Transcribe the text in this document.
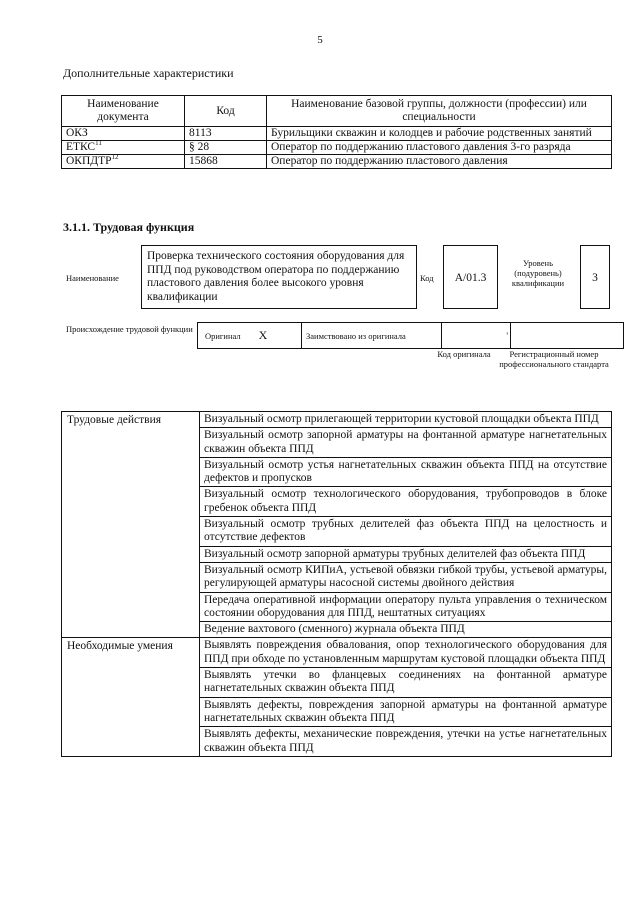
5
Дополнительные характеристики
Наименование документа	Код	Наименование базовой группы, должности (профессии) или специальности
ОКЗ	8113	Бурильщики скважин и колодцев и рабочие родственных занятий
ЕТКС$^{11}$	§ 28	Оператор по поддержанию пластового давления 3-го разряда
ОКПДТР$^{12}$	15868	Оператор по поддержанию пластового давления
3.1.1. Трудовая функция
Наименование
Проверка технического состояния оборудования для ППД под руководством оператора по поддержанию пластового давления более высокого уровня квалификации
Код	А/01.3
Уровень (подуровень) квалификации	3
Происхождение трудовой функции
Оригинал X	Заимствовано из оригинала	'	
Код оригинала	Регистрационный номер профессионального стандарта
Трудовые действия	Визуальный осмотр прилегающей территории кустовой площадки объекта ППД
	Визуальный осмотр запорной арматуры на фонтанной арматуре нагнетательных скважин объекта ППД
	Визуальный осмотр устья нагнетательных скважин объекта ППД на отсутствие дефектов и пропусков
	Визуальный осмотр технологического оборудования, трубопроводов в блоке гребенок объекта ППД
	Визуальный осмотр трубных делителей фаз объекта ППД на целостность и отсутствие дефектов
	Визуальный осмотр запорной арматуры трубных делителей фаз объекта ППД
	Визуальный осмотр КИПиА, устьевой обвязки гибкой трубы, устьевой арматуры, регулирующей арматуры насосной системы двойного действия
	Передача оперативной информации оператору пульта управления о техническом состоянии оборудования для ППД, нештатных ситуациях
	Ведение вахтового (сменного) журнала объекта ППД
Необходимые умения	Выявлять повреждения обвалования, опор технологического оборудования для ППД при обходе по установленным маршрутам кустовой площадки объекта ППД
	Выявлять утечки во фланцевых соединениях на фонтанной арматуре нагнетательных скважин объекта ППД
	Выявлять дефекты, повреждения запорной арматуры на фонтанной арматуре нагнетательных скважин объекта ППД
	Выявлять дефекты, механические повреждения, утечки на устье нагнетательных скважин объекта ППД
